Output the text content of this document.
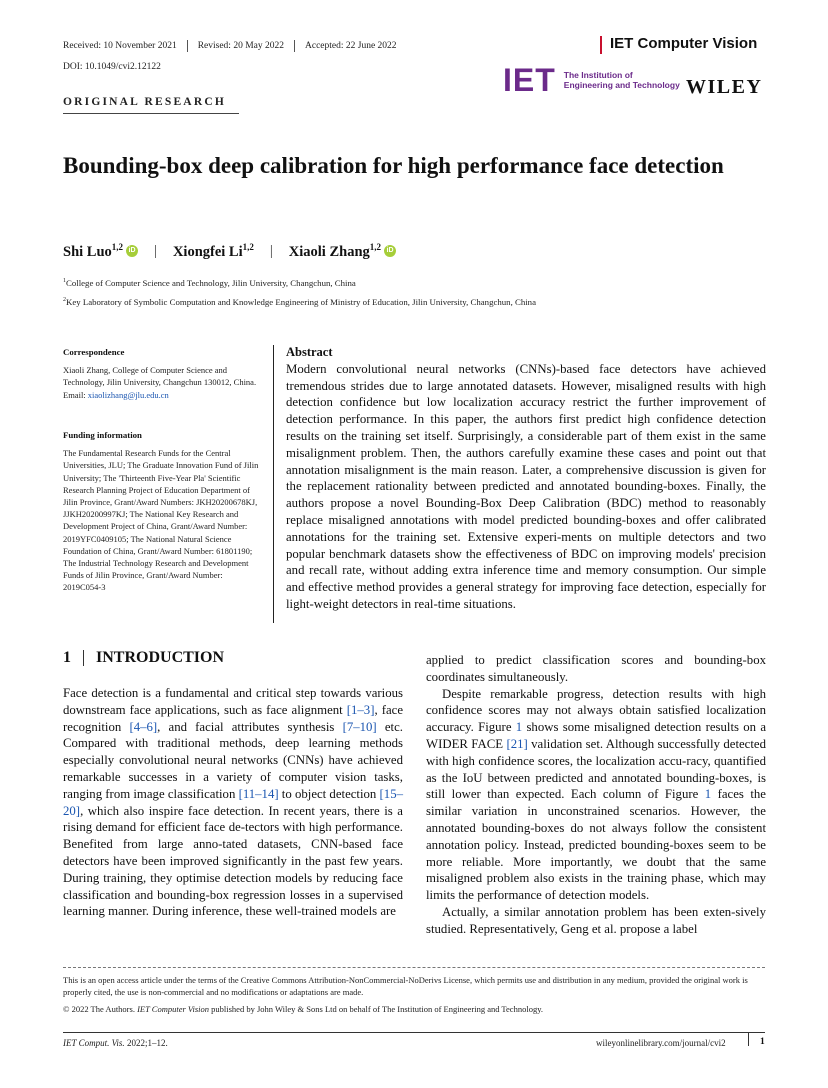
Received: 10 November 2021 Revised: 20 May 2022 Accepted: 22 June 2022
DOI: 10.1049/cvi2.12122
IET Computer Vision
IET The Institution of
Engineering and Technology WILEY
ORIGINAL RESEARCH
Bounding-box deep calibration for high performance face detection
Shi Luo$^{1,2}$ iD | Xiongfei Li$^{1,2}$ | Xiaoli Zhang$^{1,2}$ iD
$^1$College of Computer Science and Technology, Jilin University, Changchun, China
$^2$Key Laboratory of Symbolic Computation and Knowledge Engineering of Ministry of Education, Jilin University, Changchun, China
Correspondence
Xiaoli Zhang, College of Computer Science and Technology, Jilin University, Changchun 130012, China.
Email: xiaolizhang@jlu.edu.cn
Funding information
The Fundamental Research Funds for the Central Universities, JLU; The Graduate Innovation Fund of Jilin University; The 'Thirteenth Five-Year Pla' Scientific Research Planning Project of Education Department of Jilin Province, Grant/Award Numbers: JKH20200678KJ, JJKH20200997KJ; The National Key Research and Development Project of China, Grant/Award Number: 2019YFC0409105; The National Natural Science Foundation of China, Grant/Award Number: 61801190; The Industrial Technology Research and Development Funds of Jilin Province, Grant/Award Number: 2019C054-3
Abstract
Modern convolutional neural networks (CNNs)-based face detectors have achieved tremendous strides due to large annotated datasets. However, misaligned results with high detection confidence but low localization accuracy restrict the further improvement of detection performance. In this paper, the authors first predict high confidence detection results on the training set itself. Surprisingly, a considerable part of them exist in the same misalignment problem. Then, the authors carefully examine these cases and point out that annotation misalignment is the main reason. Later, a comprehensive discussion is given for the replacement rationality between predicted and annotated bounding-boxes. Finally, the authors propose a novel Bounding-Box Deep Calibration (BDC) method to reasonably replace misaligned annotations with model predicted bounding-boxes and offer calibrated annotations for the training set. Extensive experi-ments on multiple detectors and two popular benchmark datasets show the effectiveness of BDC on improving models' precision and recall rate, without adding extra inference time and memory consumption. Our simple and effective method provides a general strategy for improving face detection, especially for light-weight detectors in real-time situations.
1 INTRODUCTION

Face detection is a fundamental and critical step towards various downstream face applications, such as face alignment [1–3], face recognition [4–6], and facial attributes synthesis [7–10] etc. Compared with traditional methods, deep learning methods especially convolutional neural networks (CNNs) have achieved remarkable successes in a variety of computer vision tasks, ranging from image classification [11–14] to object detection [15–20], which also inspire face detection. In recent years, there is a rising demand for efficient face de-tectors with high performance. Benefited from large anno-tated datasets, CNN-based face detectors have been improved significantly in the past few years. During training, they optimise detection models by reducing face classification and bounding-box regression losses in a supervised learning manner. During inference, these well-trained models are

applied to predict classification scores and bounding-box coordinates simultaneously.

Despite remarkable progress, detection results with high confidence scores may not always obtain satisfied localization accuracy. Figure 1 shows some misaligned detection results on a WIDER FACE [21] validation set. Although successfully detected with high confidence scores, the localization accu-racy, quantified as the IoU between predicted and annotated bounding-boxes, is still lower than expected. Each column of Figure 1 faces the similar variation in unconstrained scenarios. However, the annotated bounding-boxes do not always follow the consistent annotation policy. Instead, predicted bounding-boxes seem to be more reliable. More importantly, we doubt that the same misaligned problem also exists in the training phase, which may limits the performance of detection models.

Actually, a similar annotation problem has been exten-sively studied. Representatively, Geng et al. propose a label

This is an open access article under the terms of the Creative Commons Attribution-NonCommercial-NoDerivs License, which permits use and distribution in any medium, provided the original work is properly cited, the use is non-commercial and no modifications or adaptations are made.
© 2022 The Authors. IET Computer Vision published by John Wiley & Sons Ltd on behalf of The Institution of Engineering and Technology.
IET Comput. Vis. 2022;1–12.	wileyonlinelibrary.com/journal/cvi2	1
